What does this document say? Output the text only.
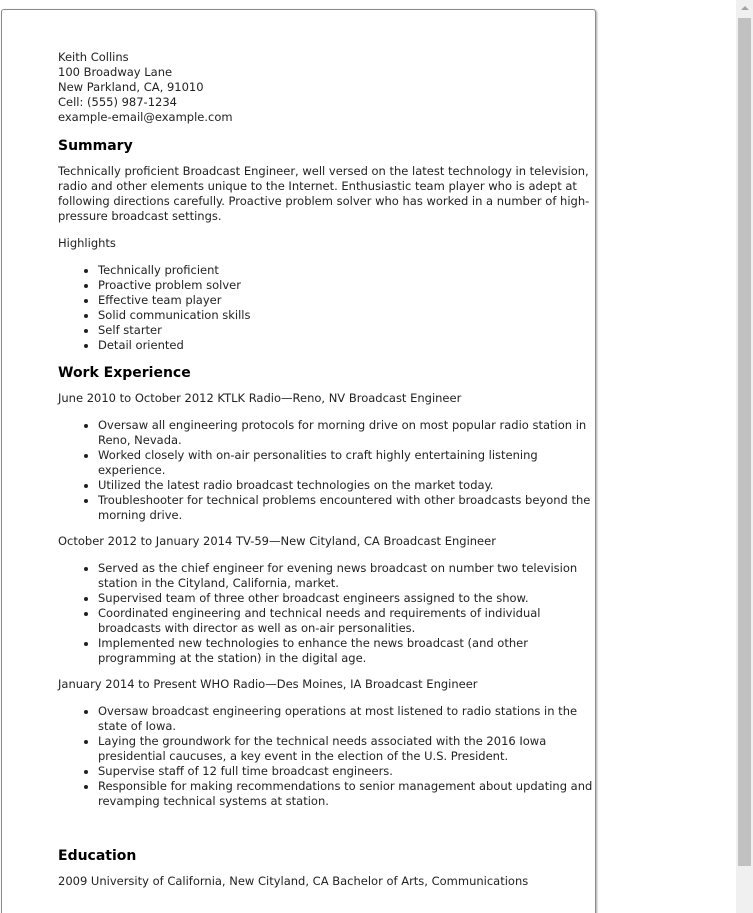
Keith Collins
100 Broadway Lane
New Parkland, CA, 91010
Cell: (555) 987-1234
example-email@example.com
Summary
Technically proficient Broadcast Engineer, well versed on the latest technology in television, radio and other elements unique to the Internet. Enthusiastic team player who is adept at following directions carefully. Proactive problem solver who has worked in a number of high-pressure broadcast settings.
Highlights
• Technically proficient
• Proactive problem solver
• Effective team player
• Solid communication skills
• Self starter
• Detail oriented
Work Experience
June 2010 to October 2012 KTLK Radio—Reno, NV Broadcast Engineer
• Oversaw all engineering protocols for morning drive on most popular radio station in Reno, Nevada.
• Worked closely with on-air personalities to craft highly entertaining listening experience.
• Utilized the latest radio broadcast technologies on the market today.
• Troubleshooter for technical problems encountered with other broadcasts beyond the morning drive.
October 2012 to January 2014 TV-59—New Cityland, CA Broadcast Engineer
• Served as the chief engineer for evening news broadcast on number two television station in the Cityland, California, market.
• Supervised team of three other broadcast engineers assigned to the show.
• Coordinated engineering and technical needs and requirements of individual broadcasts with director as well as on-air personalities.
• Implemented new technologies to enhance the news broadcast (and other programming at the station) in the digital age.
January 2014 to Present WHO Radio—Des Moines, IA Broadcast Engineer
• Oversaw broadcast engineering operations at most listened to radio stations in the state of Iowa.
• Laying the groundwork for the technical needs associated with the 2016 Iowa presidential caucuses, a key event in the election of the U.S. President.
• Supervise staff of 12 full time broadcast engineers.
• Responsible for making recommendations to senior management about updating and revamping technical systems at station.
Education
2009 University of California, New Cityland, CA Bachelor of Arts, Communications
